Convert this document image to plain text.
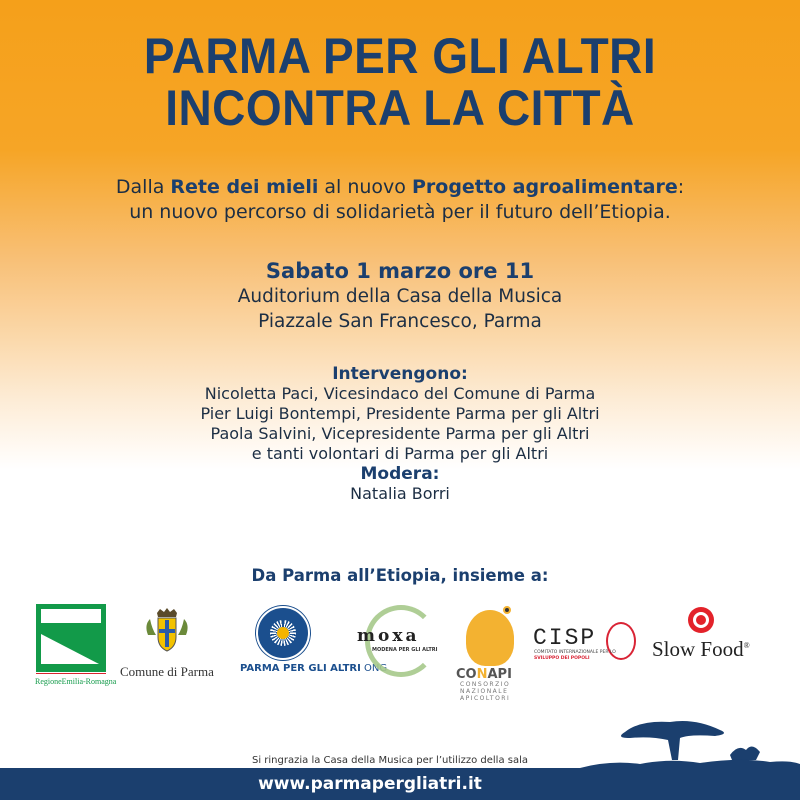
PARMA PER GLI ALTRI
INCONTRA LA CITTÀ
Dalla Rete dei mieli al nuovo Progetto agroalimentare:
un nuovo percorso di solidarietà per il futuro dell’Etiopia.
Sabato 1 marzo ore 11
Auditorium della Casa della Musica
Piazzale San Francesco, Parma
Intervengono:
Nicoletta Paci, Vicesindaco del Comune di Parma
Pier Luigi Bontempi, Presidente Parma per gli Altri
Paola Salvini, Vicepresidente Parma per gli Altri
e tanti volontari di Parma per gli Altri
Modera:
Natalia Borri
Da Parma all’Etiopia, insieme a:
RegioneEmilia-Romagna
Comune di Parma	PARMA PER GLI ALTRI ONG
moxa
MODENA PER GLI ALTRI
CONAPI
CONSORZIO
NAZIONALE
APICOLTORI
CISP
COMITATO INTERNAZIONALE PER LO
SVILUPPO DEI POPOLI	Slow Food®
Si ringrazia la Casa della Musica per l’utilizzo della sala
www.parmapergliatri.it
